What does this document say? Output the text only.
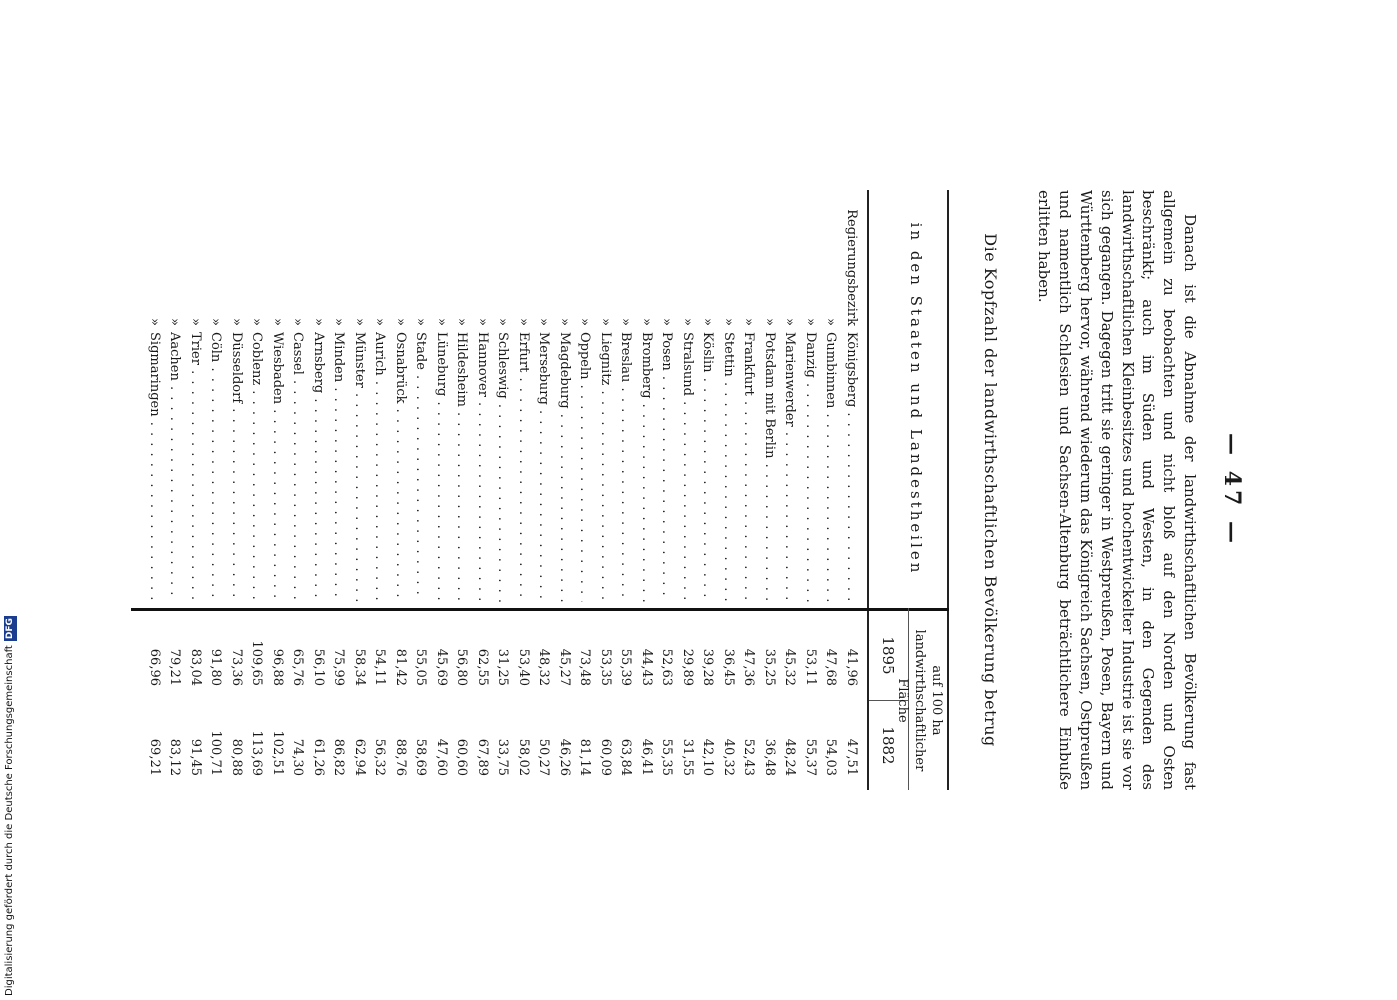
— 47 —

Danach ist die Abnahme der landwirthschaftlichen Bevölkerung fast allgemein zu beobachten und nicht bloß auf den Norden und Osten beschränkt; auch im Süden und Westen, in den Gegenden des landwirthschaftlichen Kleinbesitzes und hochentwickelter Industrie ist sie vor sich gegangen. Dagegen tritt sie geringer in Westpreußen, Posen, Bayern und Württemberg hervor, während wiederum das Königreich Sachsen, Ostpreußen und namentlich Schlesien und Sachsen-Altenburg beträchtlichere Einbuße erlitten haben.

Die Kopfzahl der landwirthschaftlichen Bevölkerung betrug
in den Staaten und Landestheilen
auf 100 ha
landwirthschaftlicher Fläche
1895
1882
Regierungsbezirk
Königsberg . . .
41,96
47,51
»
Gumbinnen . . .
47,68
54,03
»
Danzig . . .
53,11
55,37
»
Marienwerder . . .
45,32
48,24
»
Potsdam mit Berlin . . .
35,25
36,48
»
Frankfurt . . .
47,36
52,43
»
Stettin . . .
36,45
40,32
»
Köslin . . .
39,28
42,10
»
Stralsund . . .
29,89
31,55
»
Posen . . .
52,63
55,35
»
Bromberg . . .
44,43
46,41
»
Breslau . . .
55,39
63,84
»
Liegnitz . . .
53,35
60,09
»
Oppeln . . .
73,48
81,14
»
Magdeburg . . .
45,27
46,26
»
Merseburg . . .
48,32
50,27
»
Erfurt . . .
53,40
58,02
»
Schleswig . . .
31,25
33,75
»
Hannover . . .
62,55
67,89
»
Hildesheim . . .
56,80
60,60
»
Lüneburg . . .
45,69
47,60
»
Stade . . .
55,05
58,69
»
Osnabrück . . .
81,42
88,76
»
Aurich . . .
54,11
56,32
»
Münster . . .
58,34
62,94
»
Minden . . .
75,99
86,82
»
Arnsberg . . .
56,10
61,26
»
Cassel . . .
65,76
74,30
»
Wiesbaden . . .
96,88
102,51
»
Coblenz . . .
109,65
113,69
»
Düsseldorf . . .
73,36
80,88
»
Cöln . . .
91,80
100,71
»
Trier . . .
83,04
91,45
»
Aachen . . .
79,21
83,12
»
Sigmaringen . . .
66,96
69,21
Digitalisierung gefördert durch die Deutsche ForschungsgemeinschaftDFG
